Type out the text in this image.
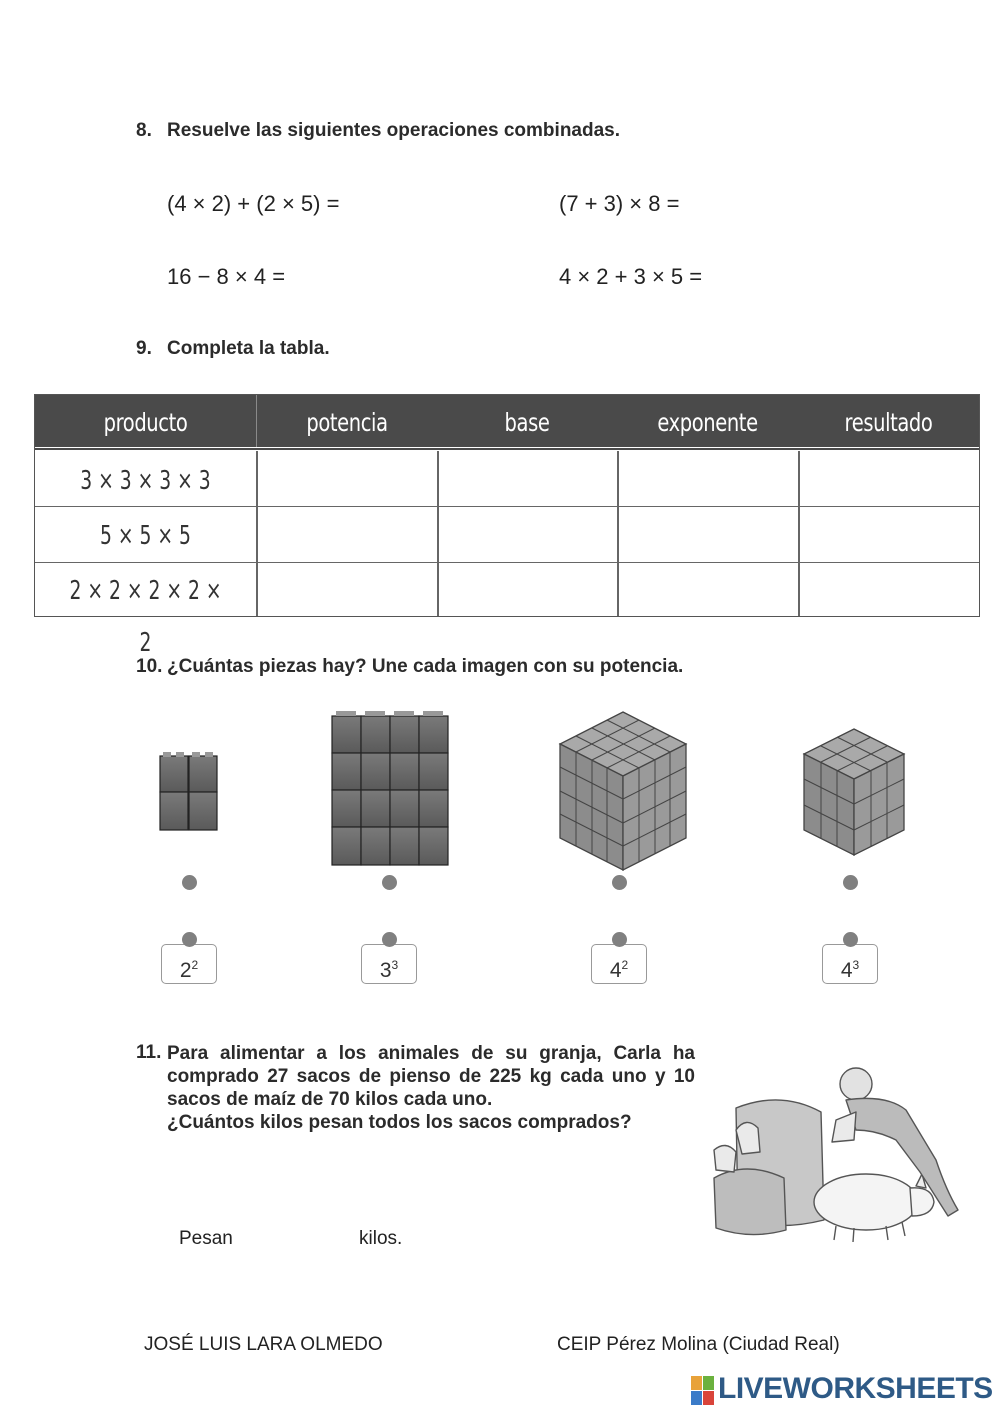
8. Resuelve las siguientes operaciones combinadas.
(4 × 2) + (2 × 5) =	(7 + 3) × 8 =
16 − 8 × 4 =	4 × 2 + 3 × 5 =
9. Completa la tabla.
producto	potencia	base	exponente	resultado
3 × 3 × 3 × 3
5 × 5 × 5
2 × 2 × 2 × 2 × 2
10. ¿Cuántas piezas hay? Une cada imagen con su potencia.
$2^2$	$3^3$	$4^2$	$4^3$
11. Para alimentar a los animales de su granja, Carla ha
comprado 27 sacos de pienso de 225 kg cada uno y 10
sacos de maíz de 70 kilos cada uno.
¿Cuántos kilos pesan todos los sacos comprados?
Pesan	kilos.
JOSÉ LUIS LARA OLMEDO	CEIP Pérez Molina (Ciudad Real)
LIVEWORKSHEETS
